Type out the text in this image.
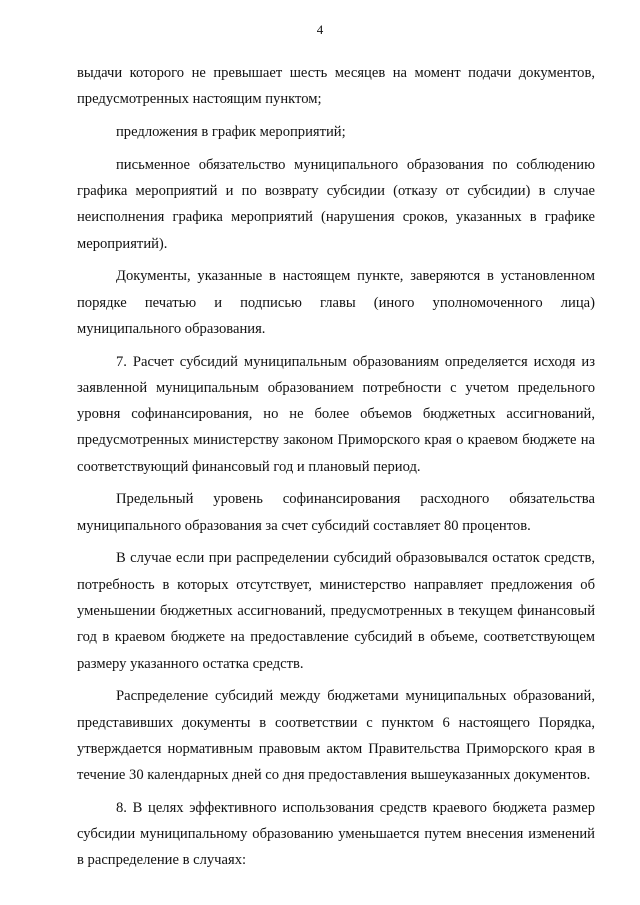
4

выдачи которого не превышает шесть месяцев на момент подачи документов, предусмотренных настоящим пунктом;

предложения в график мероприятий;

письменное обязательство муниципального образования по соблюдению графика мероприятий и по возврату субсидии (отказу от субсидии) в случае неисполнения графика мероприятий (нарушения сроков, указанных в графике мероприятий).

Документы, указанные в настоящем пункте, заверяются в установленном порядке печатью и подписью главы (иного уполномоченного лица) муниципального образования.

7. Расчет субсидий муниципальным образованиям определяется исходя из заявленной муниципальным образованием потребности с учетом предельного уровня софинансирования, но не более объемов бюджетных ассигнований, предусмотренных министерству законом Приморского края о краевом бюджете на соответствующий финансовый год и плановый период.

Предельный уровень софинансирования расходного обязательства муниципального образования за счет субсидий составляет 80 процентов.

В случае если при распределении субсидий образовывался остаток средств, потребность в которых отсутствует, министерство направляет предложения об уменьшении бюджетных ассигнований, предусмотренных в текущем финансовый год в краевом бюджете на предоставление субсидий в объеме, соответствующем размеру указанного остатка средств.

Распределение субсидий между бюджетами муниципальных образований, представивших документы в соответствии с пунктом 6 настоящего Порядка, утверждается нормативным правовым актом Правительства Приморского края в течение 30 календарных дней со дня предоставления вышеуказанных документов.

8. В целях эффективного использования средств краевого бюджета размер субсидии муниципальному образованию уменьшается путем внесения изменений в распределение в случаях:
